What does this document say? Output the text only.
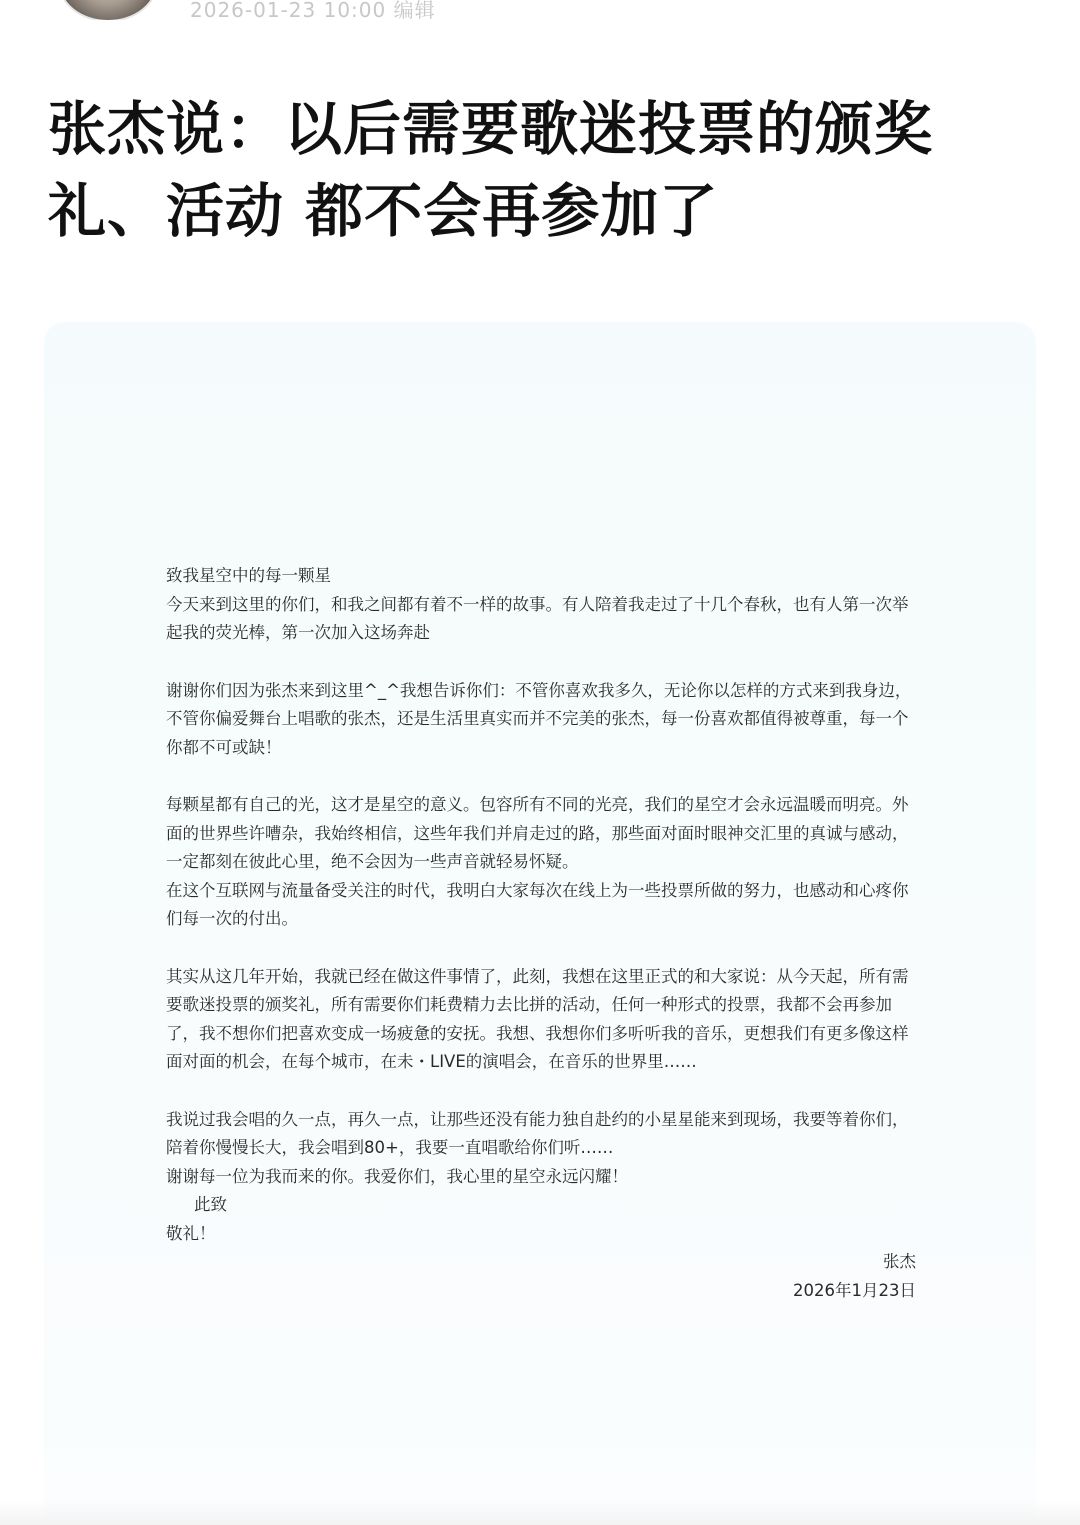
2026-01-23 10:00 编辑
张杰说：以后需要歌迷投票的颁奖礼、活动 都不会再参加了

致我星空中的每一颗星

今天来到这里的你们，和我之间都有着不一样的故事。有人陪着我走过了十几个春秋，也有人第一次举起我的荧光棒，第一次加入这场奔赴

谢谢你们因为张杰来到这里^_^我想告诉你们：不管你喜欢我多久，无论你以怎样的方式来到我身边，不管你偏爱舞台上唱歌的张杰，还是生活里真实而并不完美的张杰，每一份喜欢都值得被尊重，每一个你都不可或缺！

每颗星都有自己的光，这才是星空的意义。包容所有不同的光亮，我们的星空才会永远温暖而明亮。外面的世界些许嘈杂，我始终相信，这些年我们并肩走过的路，那些面对面时眼神交汇里的真诚与感动，一定都刻在彼此心里，绝不会因为一些声音就轻易怀疑。

在这个互联网与流量备受关注的时代，我明白大家每次在线上为一些投票所做的努力，也感动和心疼你们每一次的付出。

其实从这几年开始，我就已经在做这件事情了，此刻，我想在这里正式的和大家说：从今天起，所有需要歌迷投票的颁奖礼，所有需要你们耗费精力去比拼的活动，任何一种形式的投票，我都不会再参加了，我不想你们把喜欢变成一场疲惫的安抚。我想、我想你们多听听我的音乐，更想我们有更多像这样面对面的机会，在每个城市，在未・LIVE的演唱会，在音乐的世界里……

我说过我会唱的久一点，再久一点，让那些还没有能力独自赴约的小星星能来到现场，我要等着你们，陪着你慢慢长大，我会唱到80+，我要一直唱歌给你们听……

谢谢每一位为我而来的你。我爱你们，我心里的星空永远闪耀！

此致

敬礼！

张杰

2026年1月23日
